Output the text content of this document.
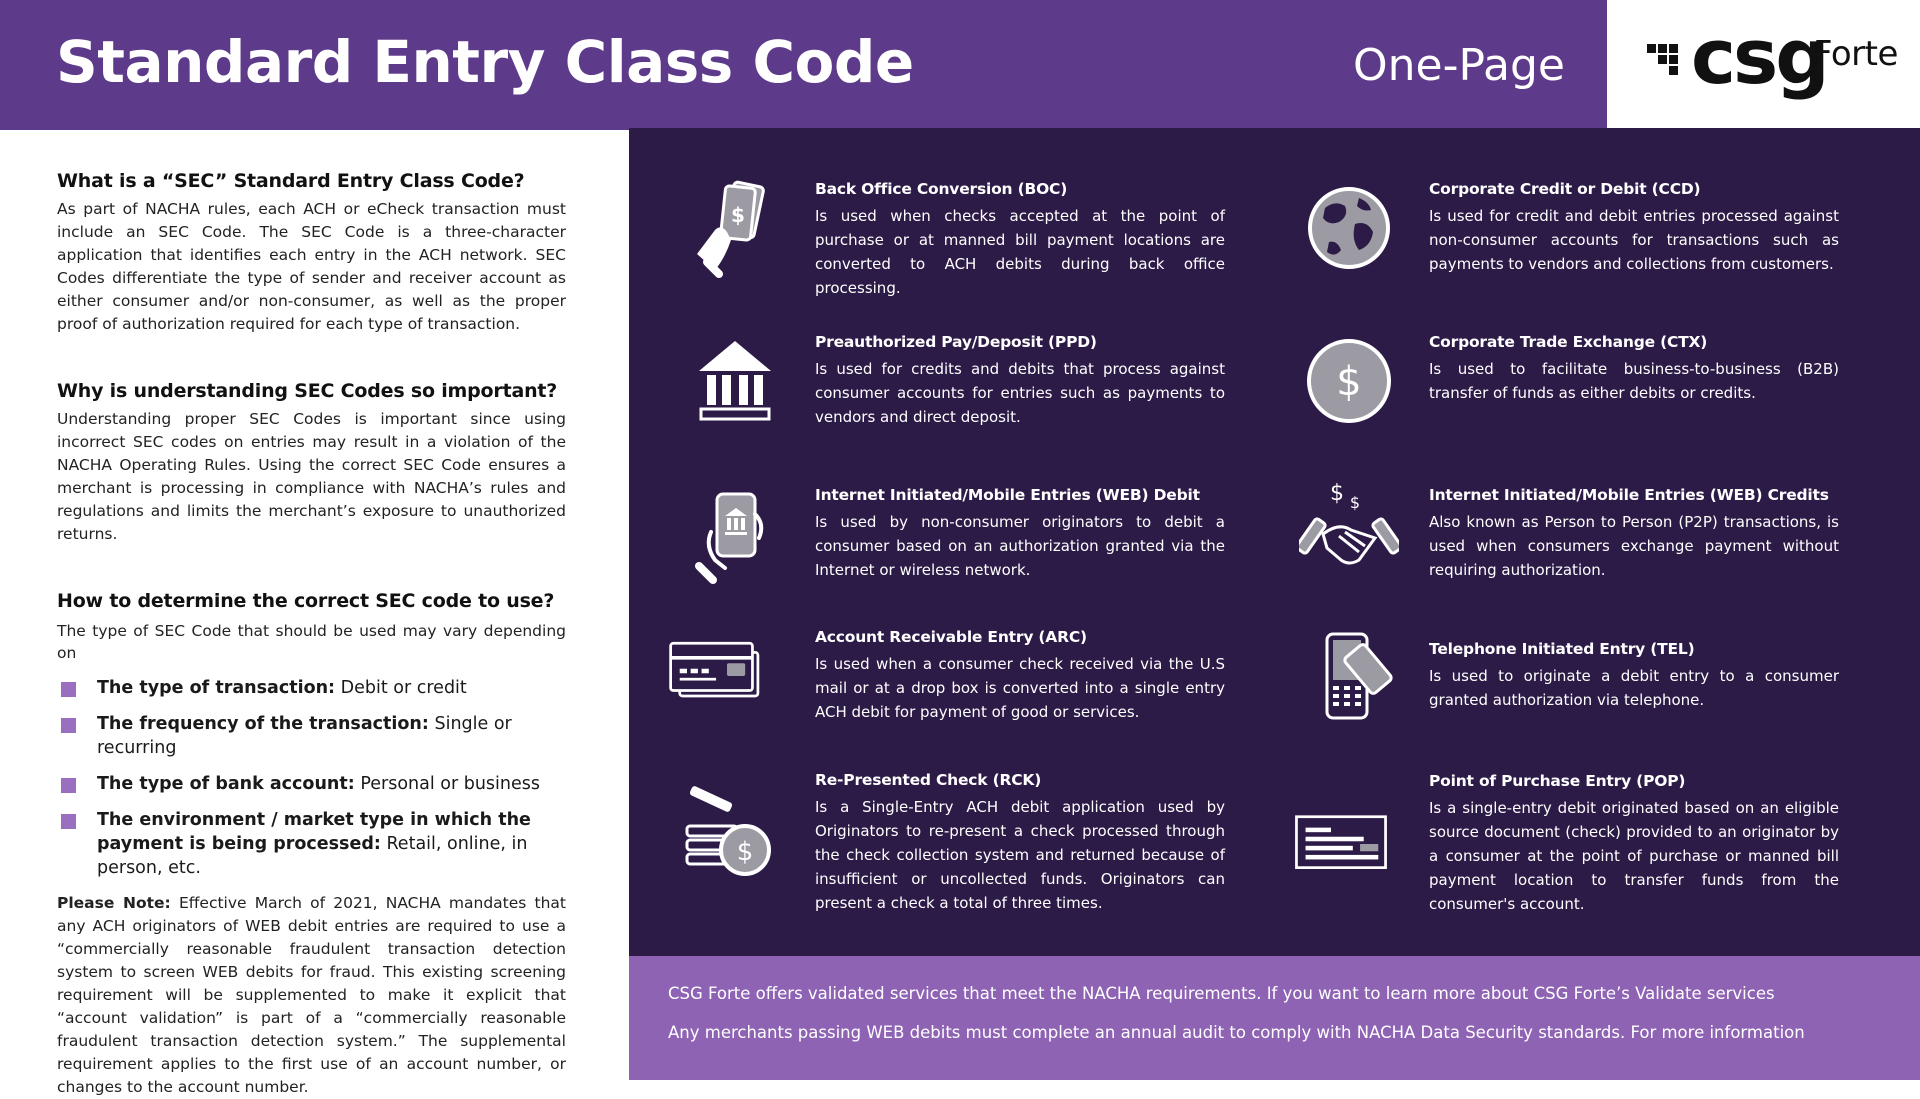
Standard Entry Class Code	One-Page csg
Forte
What is a “SEC” Standard Entry Class Code?

As part of NACHA rules, each ACH or eCheck transaction must include an SEC Code. The SEC Code is a three-character application that identifies each entry in the ACH network. SEC Codes differentiate the type of sender and receiver account as either consumer and/or non-consumer, as well as the proper proof of authorization required for each type of transaction.

Why is understanding SEC Codes so important?

Understanding proper SEC Codes is important since using incorrect SEC codes on entries may result in a violation of the NACHA Operating Rules. Using the correct SEC Code ensures a merchant is processing in compliance with NACHA’s rules and regulations and limits the merchant’s exposure to unauthorized returns.

How to determine the correct SEC code to use?

The type of SEC Code that should be used may vary depending on

The type of transaction: Debit or credit
The frequency of the transaction: Single or recurring
The type of bank account: Personal or business
The environment / market type in which the payment is being processed: Retail, online, in person, etc.

Please Note: Effective March of 2021, NACHA mandates that any ACH originators of WEB debit entries are required to use a “commercially reasonable fraudulent transaction detection system to screen WEB debits for fraud. This existing screening requirement will be supplemented to make it explicit that “account validation” is part of a “commercially reasonable fraudulent transaction detection system.” The supplemental requirement applies to the first use of an account number, or changes to the account number.

$
Back Office Conversion (BOC)

Is used when checks accepted at the point of purchase or at manned bill payment locations are converted to ACH debits during back office processing.

Corporate Credit or Debit (CCD)

Is used for credit and debit entries processed against non-consumer accounts for transactions such as payments to vendors and collections from customers.

Preauthorized Pay/Deposit (PPD)

Is used for credits and debits that process against consumer accounts for entries such as payments to vendors and direct deposit.

$
Corporate Trade Exchange (CTX)

Is used to facilitate business-to-business (B2B) transfer of funds as either debits or credits.

Internet Initiated/Mobile Entries (WEB) Debit

Is used by non-consumer originators to debit a consumer based on an authorization granted via the Internet or wireless network.

$ $	Internet Initiated/Mobile Entries (WEB) Credits

Also known as Person to Person (P2P) transactions, is used when consumers exchange payment without requiring authorization.

Account Receivable Entry (ARC)

Is used when a consumer check received via the U.S mail or at a drop box is converted into a single entry ACH debit for payment of good or services.

Telephone Initiated Entry (TEL)

Is used to originate a debit entry to a consumer granted authorization via telephone.

$
Re-Presented Check (RCK)

Is a Single-Entry ACH debit application used by Originators to re-present a check processed through the check collection system and returned because of insufficient or uncollected funds. Originators can present a check a total of three times.

Point of Purchase Entry (POP)

Is a single-entry debit originated based on an eligible source document (check) provided to an originator by a consumer at the point of purchase or manned bill payment location to transfer funds from the consumer's account.

CSG Forte offers validated services that meet the NACHA requirements. If you want to learn more about CSG Forte’s Validate services
Any merchants passing WEB debits must complete an annual audit to comply with NACHA Data Security standards. For more information
